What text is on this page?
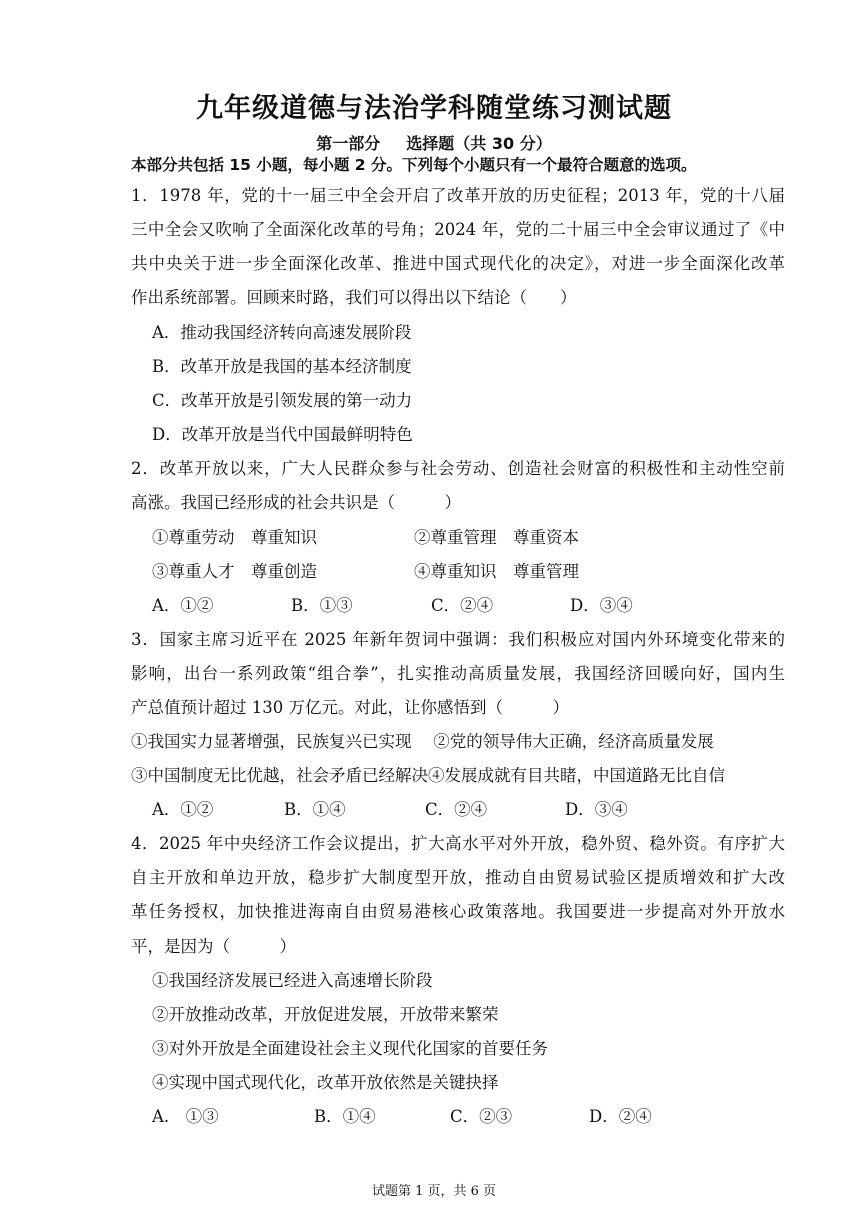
九年级道德与法治学科随堂练习测试题
第一部分 选择题（共 30 分）
本部分共包括 15 小题，每小题 2 分。下列每个小题只有一个最符合题意的选项。
1．1978 年，党的十一届三中全会开启了改革开放的历史征程；2013 年，党的十八届
三中全会又吹响了全面深化改革的号角；2024 年，党的二十届三中全会审议通过了《中
共中央关于进一步全面深化改革、推进中国式现代化的决定》，对进一步全面深化改革
作出系统部署。回顾来时路，我们可以得出以下结论（　　）
A．推动我国经济转向高速发展阶段
B．改革开放是我国的基本经济制度
C．改革开放是引领发展的第一动力
D．改革开放是当代中国最鲜明特色
2．改革开放以来，广大人民群众参与社会劳动、创造社会财富的积极性和主动性空前
高涨。我国已经形成的社会共识是（　　　）
①尊重劳动　尊重知识	②尊重管理　尊重资本
③尊重人才　尊重创造	④尊重知识　尊重管理
A．①②	B．①③	C．②④	D．③④
3．国家主席习近平在 2025 年新年贺词中强调：我们积极应对国内外环境变化带来的
影响，出台一系列政策“组合拳”，扎实推动高质量发展，我国经济回暖向好，国内生
产总值预计超过 130 万亿元。对此，让你感悟到（　　　）
①我国实力显著增强，民族复兴已实现　 ②党的领导伟大正确，经济高质量发展
③中国制度无比优越，社会矛盾已经解决④发展成就有目共睹，中国道路无比自信
A．①②	B．①④	C．②④	D．③④
4．2025 年中央经济工作会议提出，扩大高水平对外开放，稳外贸、稳外资。有序扩大
自主开放和单边开放，稳步扩大制度型开放，推动自由贸易试验区提质增效和扩大改
革任务授权，加快推进海南自由贸易港核心政策落地。我国要进一步提高对外开放水
平，是因为（　　　）
①我国经济发展已经进入高速增长阶段
②开放推动改革，开放促进发展，开放带来繁荣
③对外开放是全面建设社会主义现代化国家的首要任务
④实现中国式现代化，改革开放依然是关键抉择
A.　①③	B．①④	C．②③	D．②④
试题第 1 页，共 6 页
